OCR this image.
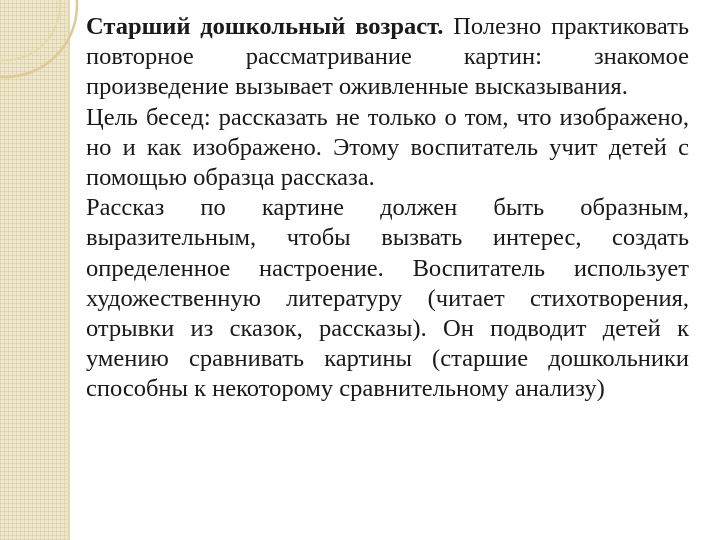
Старший дошкольный возраст. Полезно практиковать повторное рассматривание картин: знакомое произведение вызывает оживленные высказывания.

Цель бесед: рассказать не только о том, что изображено, но и как изображено. Этому воспитатель учит детей с помощью образца рассказа.

Рассказ по картине должен быть образным, выразительным, чтобы вызвать интерес, создать определенное настроение. Воспитатель использует художественную литературу (читает стихотворения, отрывки из сказок, рассказы). Он подводит детей к умению сравнивать картины (старшие дошкольники способны к некоторому сравнительному анализу)
